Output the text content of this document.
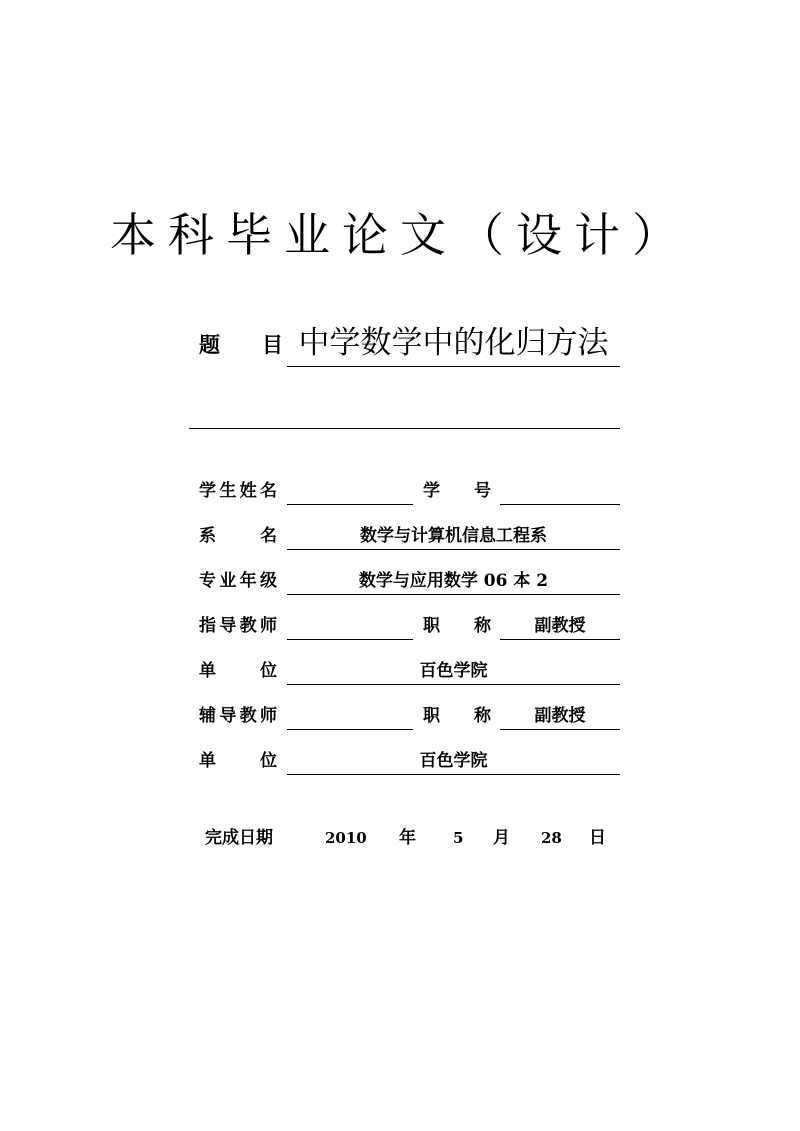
本科毕业论文（设计）
题 目 中学数学中的化归方法
学 生 姓 名	学 号
系	名	数学与计算机信息工程系
专 业 年 级	数学与应用数学 06 本 2
指 导 教 师	职 称	副教授
单	位	百色学院
辅 导 教 师	职 称	副教授
单	位	百色学院
完成日期	2010 年 5 月 28 日
